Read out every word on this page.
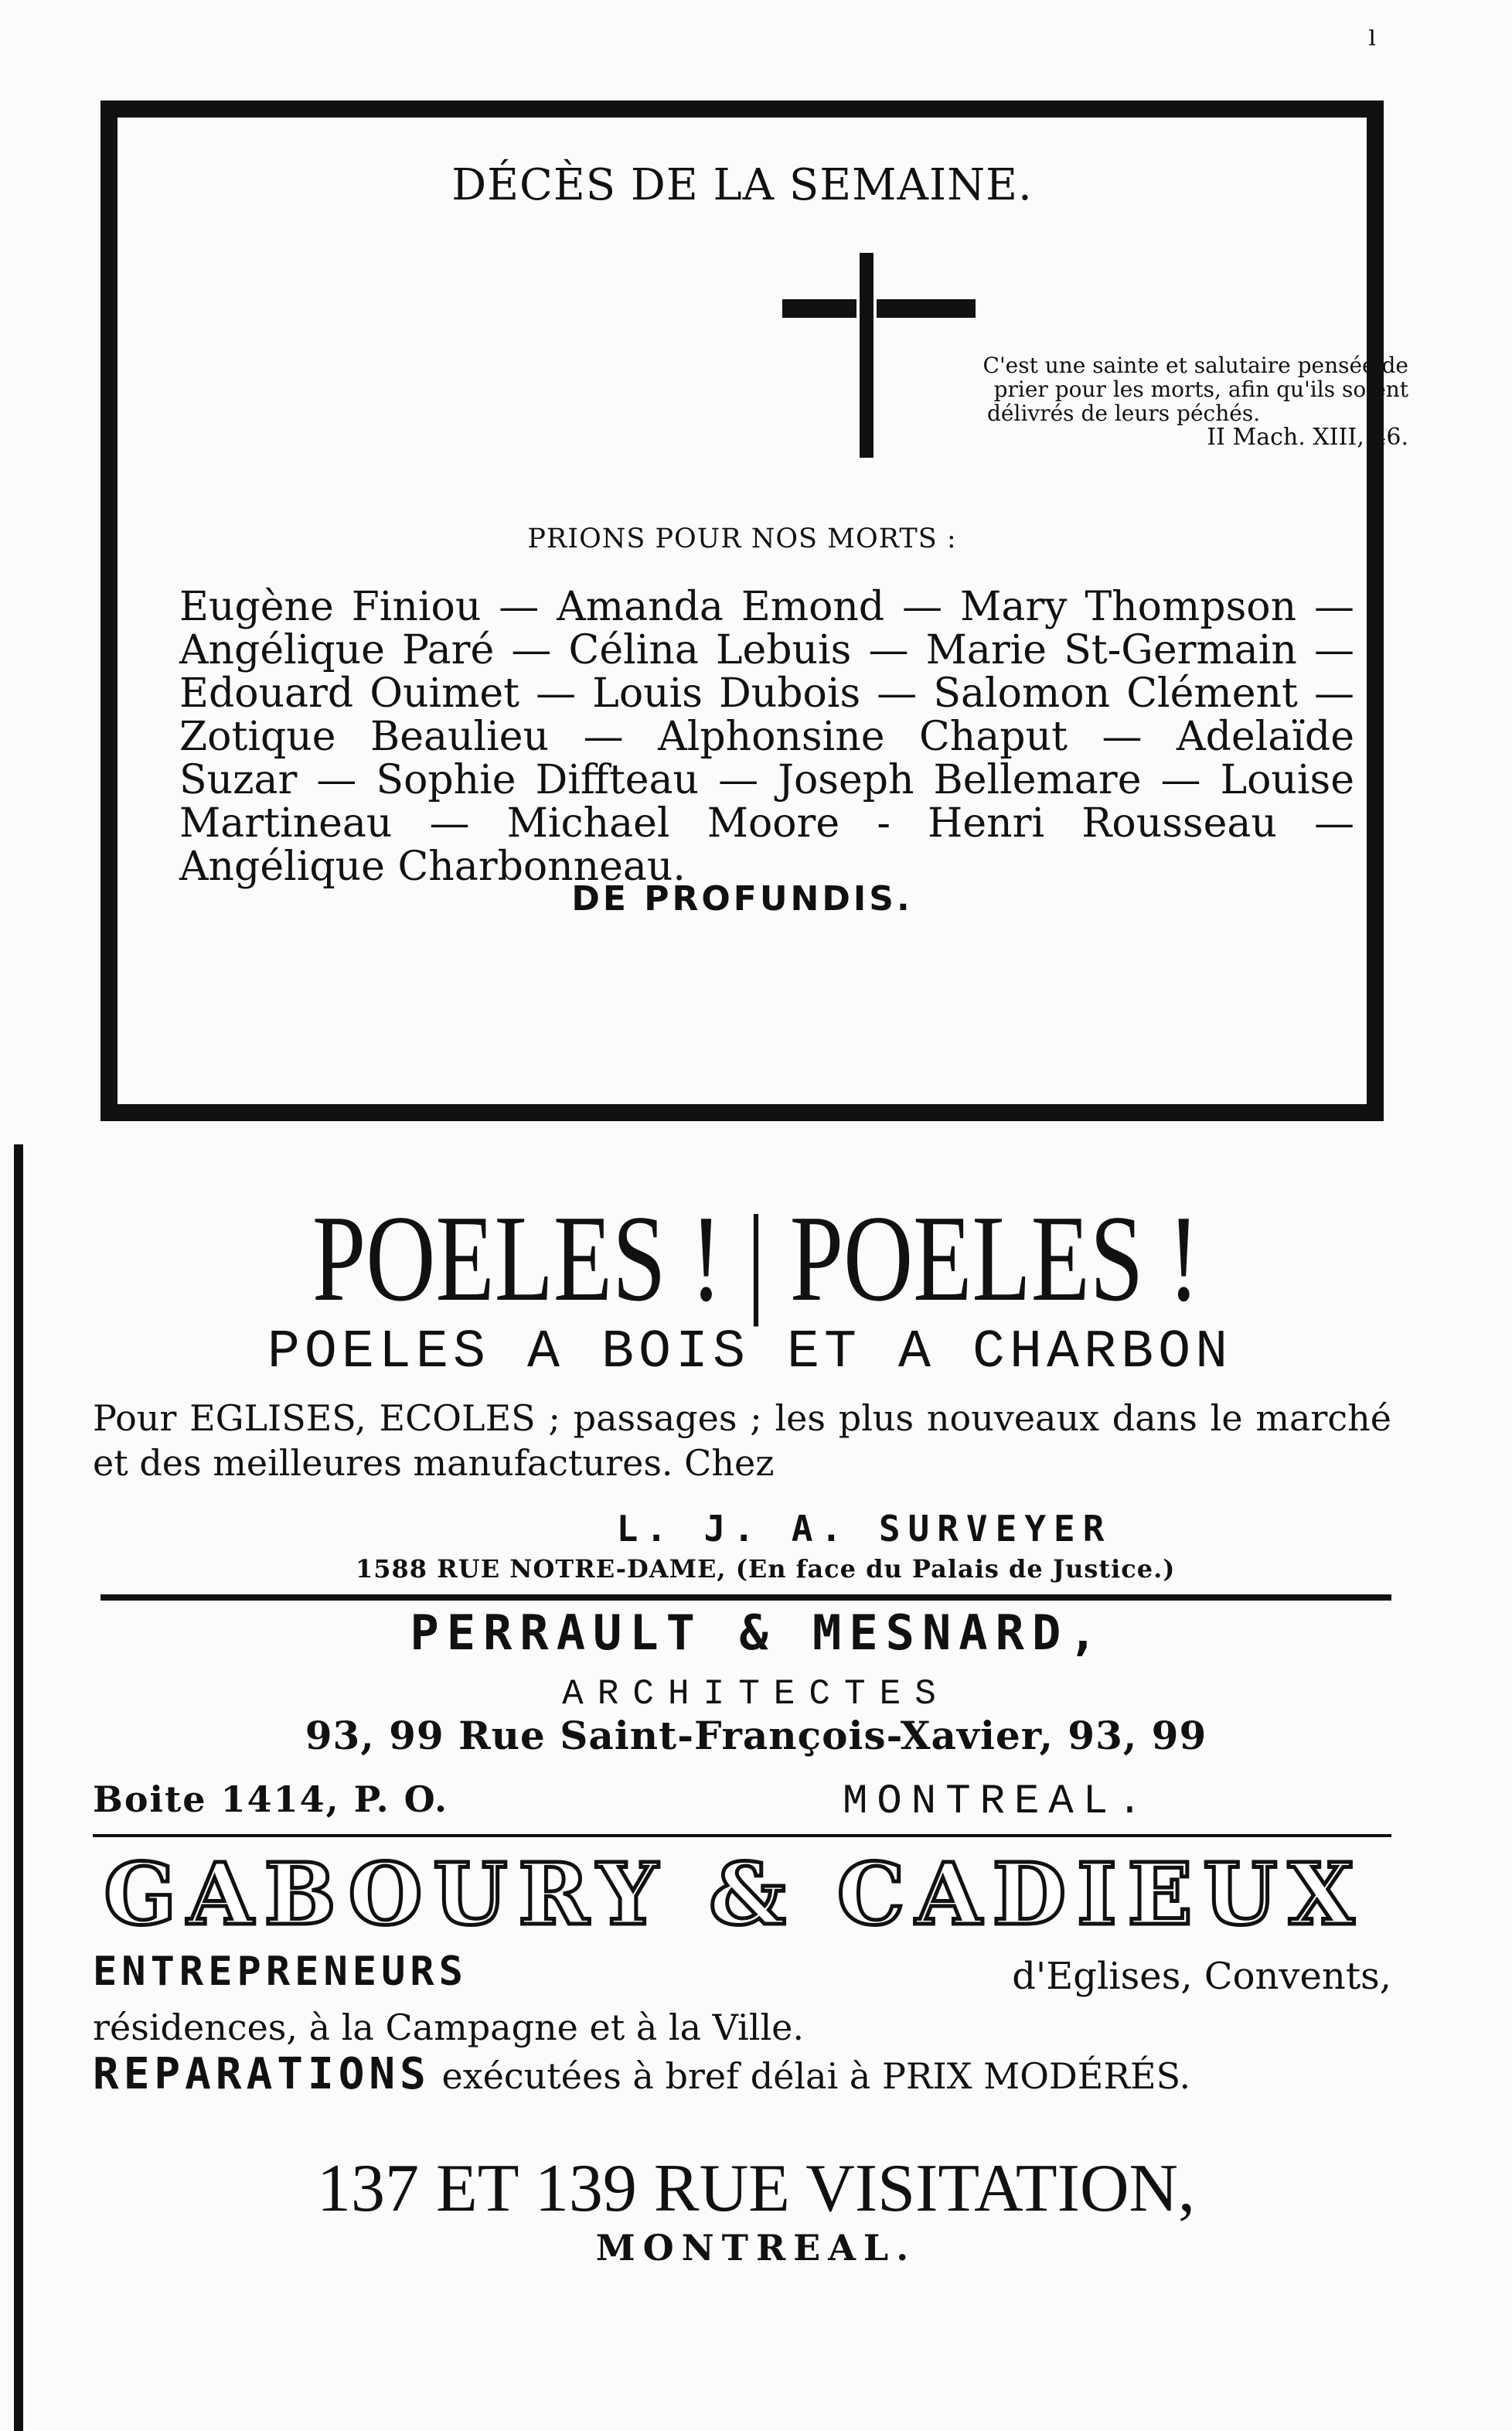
ˡ
DÉCÈS DE LA SEMAINE.
C'est une sainte et salutaire pensée de
prier pour les morts, afin qu'ils soient
délivrés de leurs péchés.
II Mach. XIII, 46.
PRIONS POUR NOS MORTS :
Eugène Finiou — Amanda Emond — Mary Thompson — Angélique Paré — Célina Lebuis — Marie St-Germain — Edouard Ouimet — Louis Dubois — Salomon Clément — Zotique Beaulieu — Alphonsine Chaput — Adelaïde Suzar — Sophie Diffteau — Joseph Bellemare — Louise Martineau — Michael Moore - Henri Rousseau — Angélique Charbonneau.
DE PROFUNDIS.
POELES ! | POELES !
POELES A BOIS ET A CHARBON
Pour EGLISES, ECOLES ; passages ; les plus nouveaux dans le marché et des meilleures manufactures. Chez
L. J. A. SURVEYER
1588 RUE NOTRE-DAME, (En face du Palais de Justice.)
PERRAULT & MESNARD,
ARCHITECTES
93, 99 Rue Saint-François-Xavier, 93, 99
Boite 1414, P. O.	MONTREAL.
GABOURY & CADIEUX
ENTREPRENEURS	d'Eglises, Convents,
résidences, à la Campagne et à la Ville.
REPARATIONS exécutées à bref délai à PRIX MODÉRÉS.
137 ET 139 RUE VISITATION,
MONTREAL.
